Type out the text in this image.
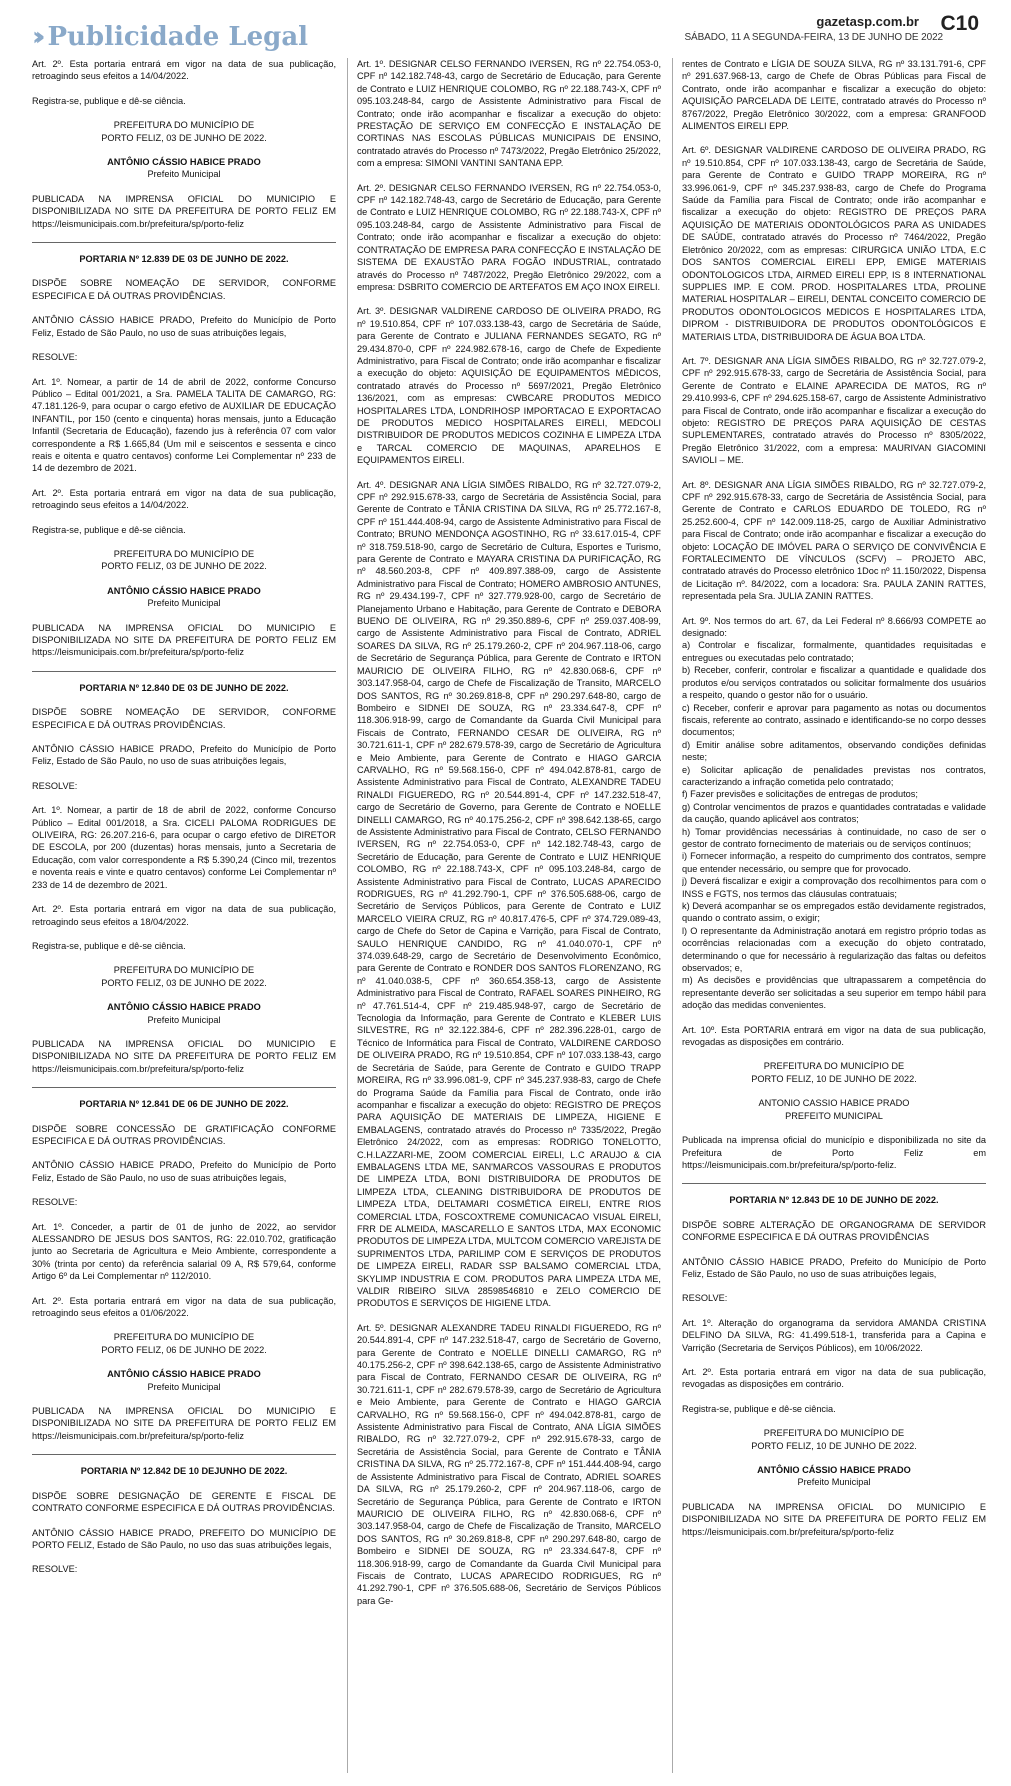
›› Publicidade Legal
gazetasp.com.br
SÁBADO, 11 A SEGUNDA-FEIRA, 13 DE JUNHO DE 2022
C10

Art. 2º. Esta portaria entrará em vigor na data de sua publicação, retroagindo seus efeitos a 14/04/2022.

Registra-se, publique e dê-se ciência.

PREFEITURA DO MUNICÍPIO DE
PORTO FELIZ, 03 DE JUNHO DE 2022.

ANTÔNIO CÁSSIO HABICE PRADO

Prefeito Municipal

PUBLICADA NA IMPRENSA OFICIAL DO MUNICIPIO E DISPONIBILIZADA NO SITE DA PREFEITURA DE PORTO FELIZ EM https://leismunicipais.com.br/prefeitura/sp/porto-feliz

PORTARIA Nº 12.839 DE 03 DE JUNHO DE 2022.

DISPÕE SOBRE NOMEAÇÃO DE SERVIDOR, CONFORME ESPECIFICA E DÁ OUTRAS PROVIDÊNCIAS.

ANTÔNIO CÁSSIO HABICE PRADO, Prefeito do Município de Porto Feliz, Estado de São Paulo, no uso de suas atribuições legais,

RESOLVE:

Art. 1º. Nomear, a partir de 14 de abril de 2022, conforme Concurso Público – Edital 001/2021, a Sra. PAMELA TALITA DE CAMARGO, RG: 47.181.126-9, para ocupar o cargo efetivo de AUXILIAR DE EDUCAÇÃO INFANTIL, por 150 (cento e cinquenta) horas mensais, junto a Educação Infantil (Secretaria de Educação), fazendo jus à referência 07 com valor correspondente a R$ 1.665,84 (Um mil e seiscentos e sessenta e cinco reais e oitenta e quatro centavos) conforme Lei Complementar nº 233 de 14 de dezembro de 2021.

Art. 2º. Esta portaria entrará em vigor na data de sua publicação, retroagindo seus efeitos a 14/04/2022.

Registra-se, publique e dê-se ciência.

PREFEITURA DO MUNICÍPIO DE
PORTO FELIZ, 03 DE JUNHO DE 2022.

ANTÔNIO CÁSSIO HABICE PRADO

Prefeito Municipal

PUBLICADA NA IMPRENSA OFICIAL DO MUNICIPIO E DISPONIBILIZADA NO SITE DA PREFEITURA DE PORTO FELIZ EM https://leismunicipais.com.br/prefeitura/sp/porto-feliz

PORTARIA Nº 12.840 DE 03 DE JUNHO DE 2022.

DISPÕE SOBRE NOMEAÇÃO DE SERVIDOR, CONFORME ESPECIFICA E DÁ OUTRAS PROVIDÊNCIAS.

ANTÔNIO CÁSSIO HABICE PRADO, Prefeito do Município de Porto Feliz, Estado de São Paulo, no uso de suas atribuições legais,

RESOLVE:

Art. 1º. Nomear, a partir de 18 de abril de 2022, conforme Concurso Público – Edital 001/2018, a Sra. CICELI PALOMA RODRIGUES DE OLIVEIRA, RG: 26.207.216-6, para ocupar o cargo efetivo de DIRETOR DE ESCOLA, por 200 (duzentas) horas mensais, junto a Secretaria de Educação, com valor correspondente a R$ 5.390,24 (Cinco mil, trezentos e noventa reais e vinte e quatro centavos) conforme Lei Complementar nº 233 de 14 de dezembro de 2021.

Art. 2º. Esta portaria entrará em vigor na data de sua publicação, retroagindo seus efeitos a 18/04/2022.

Registra-se, publique e dê-se ciência.

PREFEITURA DO MUNICÍPIO DE
PORTO FELIZ, 03 DE JUNHO DE 2022.

ANTÔNIO CÁSSIO HABICE PRADO

Prefeito Municipal

PUBLICADA NA IMPRENSA OFICIAL DO MUNICIPIO E DISPONIBILIZADA NO SITE DA PREFEITURA DE PORTO FELIZ EM https://leismunicipais.com.br/prefeitura/sp/porto-feliz

PORTARIA Nº 12.841 DE 06 DE JUNHO DE 2022.

DISPÕE SOBRE CONCESSÃO DE GRATIFICAÇÃO CONFORME ESPECIFICA E DÁ OUTRAS PROVIDÊNCIAS.

ANTÔNIO CÁSSIO HABICE PRADO, Prefeito do Município de Porto Feliz, Estado de São Paulo, no uso de suas atribuições legais,

RESOLVE:

Art. 1º. Conceder, a partir de 01 de junho de 2022, ao servidor ALESSANDRO DE JESUS DOS SANTOS, RG: 22.010.702, gratificação junto ao Secretaria de Agricultura e Meio Ambiente, correspondente a 30% (trinta por cento) da referência salarial 09 A, R$ 579,64, conforme Artigo 6º da Lei Complementar nº 112/2010.

Art. 2º. Esta portaria entrará em vigor na data de sua publicação, retroagindo seus efeitos a 01/06/2022.

PREFEITURA DO MUNICÍPIO DE
PORTO FELIZ, 06 DE JUNHO DE 2022.

ANTÔNIO CÁSSIO HABICE PRADO

Prefeito Municipal

PUBLICADA NA IMPRENSA OFICIAL DO MUNICIPIO E DISPONIBILIZADA NO SITE DA PREFEITURA DE PORTO FELIZ EM https://leismunicipais.com.br/prefeitura/sp/porto-feliz

PORTARIA Nº 12.842 DE 10 DEJUNHO DE 2022.

DISPÕE SOBRE DESIGNAÇÃO DE GERENTE E FISCAL DE CONTRATO CONFORME ESPECIFICA E DÁ OUTRAS PROVIDÊNCIAS.

ANTÔNIO CÁSSIO HABICE PRADO, PREFEITO DO MUNICÍPIO DE PORTO FELIZ, Estado de São Paulo, no uso das suas atribuições legais,

RESOLVE:

Art. 1º. DESIGNAR CELSO FERNANDO IVERSEN, RG nº 22.754.053-0, CPF nº 142.182.748-43, cargo de Secretário de Educação, para Gerente de Contrato e LUIZ HENRIQUE COLOMBO, RG nº 22.188.743-X, CPF nº 095.103.248-84, cargo de Assistente Administrativo para Fiscal de Contrato; onde irão acompanhar e fiscalizar a execução do objeto: PRESTAÇÃO DE SERVIÇO EM CONFECÇÃO E INSTALAÇÃO DE CORTINAS NAS ESCOLAS PÚBLICAS MUNICIPAIS DE ENSINO, contratado através do Processo nº 7473/2022, Pregão Eletrônico 25/2022, com a empresa: SIMONI VANTINI SANTANA EPP.

Art. 2º. DESIGNAR CELSO FERNANDO IVERSEN, RG nº 22.754.053-0, CPF nº 142.182.748-43, cargo de Secretário de Educação, para Gerente de Contrato e LUIZ HENRIQUE COLOMBO, RG nº 22.188.743-X, CPF nº 095.103.248-84, cargo de Assistente Administrativo para Fiscal de Contrato; onde irão acompanhar e fiscalizar a execução do objeto: CONTRATAÇÃO DE EMPRESA PARA CONFECÇÃO E INSTALAÇÃO DE SISTEMA DE EXAUSTÃO PARA FOGÃO INDUSTRIAL, contratado através do Processo nº 7487/2022, Pregão Eletrônico 29/2022, com a empresa: DSBRITO COMERCIO DE ARTEFATOS EM AÇO INOX EIRELI.

Art. 3º. DESIGNAR VALDIRENE CARDOSO DE OLIVEIRA PRADO, RG nº 19.510.854, CPF nº 107.033.138-43, cargo de Secretária de Saúde, para Gerente de Contrato e JULIANA FERNANDES SEGATO, RG nº 29.434.870-0, CPF nº 224.982.678-16, cargo de Chefe de Expediente Administrativo, para Fiscal de Contrato; onde irão acompanhar e fiscalizar a execução do objeto: AQUISIÇÃO DE EQUIPAMENTOS MÉDICOS, contratado através do Processo nº 5697/2021, Pregão Eletrônico 136/2021, com as empresas: CWBCARE PRODUTOS MEDICO HOSPITALARES LTDA, LONDRIHOSP IMPORTACAO E EXPORTACAO DE PRODUTOS MEDICO HOSPITALARES EIRELI, MEDCOLI DISTRIBUIDOR DE PRODUTOS MEDICOS COZINHA E LIMPEZA LTDA e TARCAL COMERCIO DE MAQUINAS, APARELHOS E EQUIPAMENTOS EIRELI.

Art. 4º. DESIGNAR ANA LÍGIA SIMÕES RIBALDO, RG nº 32.727.079-2, CPF nº 292.915.678-33, cargo de Secretária de Assistência Social, para Gerente de Contrato e TÂNIA CRISTINA DA SILVA, RG nº 25.772.167-8, CPF nº 151.444.408-94, cargo de Assistente Administrativo para Fiscal de Contrato; BRUNO MENDONÇA AGOSTINHO, RG nº 33.617.015-4, CPF nº 318.759.518-90, cargo de Secretário de Cultura, Esportes e Turismo, para Gerente de Contrato e MAYARA CRISTINA DA PURIFICAÇÃO, RG nº 48.560.203-8, CPF nº 409.897.388-09, cargo de Assistente Administrativo para Fiscal de Contrato; HOMERO AMBROSIO ANTUNES, RG nº 29.434.199-7, CPF nº 327.779.928-00, cargo de Secretário de Planejamento Urbano e Habitação, para Gerente de Contrato e DEBORA BUENO DE OLIVEIRA, RG nº 29.350.889-6, CPF nº 259.037.408-99, cargo de Assistente Administrativo para Fiscal de Contrato, ADRIEL SOARES DA SILVA, RG nº 25.179.260-2, CPF nº 204.967.118-06, cargo de Secretário de Segurança Pública, para Gerente de Contrato e IRTON MAURICIO DE OLIVEIRA FILHO, RG nº 42.830.068-6, CPF nº 303.147.958-04, cargo de Chefe de Fiscalização de Transito, MARCELO DOS SANTOS, RG nº 30.269.818-8, CPF nº 290.297.648-80, cargo de Bombeiro e SIDNEI DE SOUZA, RG nº 23.334.647-8, CPF nº 118.306.918-99, cargo de Comandante da Guarda Civil Municipal para Fiscais de Contrato, FERNANDO CESAR DE OLIVEIRA, RG nº 30.721.611-1, CPF nº 282.679.578-39, cargo de Secretário de Agricultura e Meio Ambiente, para Gerente de Contrato e HIAGO GARCIA CARVALHO, RG nº 59.568.156-0, CPF nº 494.042.878-81, cargo de Assistente Administrativo para Fiscal de Contrato, ALEXANDRE TADEU RINALDI FIGUEREDO, RG nº 20.544.891-4, CPF nº 147.232.518-47, cargo de Secretário de Governo, para Gerente de Contrato e NOELLE DINELLI CAMARGO, RG nº 40.175.256-2, CPF nº 398.642.138-65, cargo de Assistente Administrativo para Fiscal de Contrato, CELSO FERNANDO IVERSEN, RG nº 22.754.053-0, CPF nº 142.182.748-43, cargo de Secretário de Educação, para Gerente de Contrato e LUIZ HENRIQUE COLOMBO, RG nº 22.188.743-X, CPF nº 095.103.248-84, cargo de Assistente Administrativo para Fiscal de Contrato, LUCAS APARECIDO RODRIGUES, RG nº 41.292.790-1, CPF nº 376.505.688-06, cargo de Secretário de Serviços Públicos, para Gerente de Contrato e LUIZ MARCELO VIEIRA CRUZ, RG nº 40.817.476-5, CPF nº 374.729.089-43, cargo de Chefe do Setor de Capina e Varrição, para Fiscal de Contrato, SAULO HENRIQUE CANDIDO, RG nº 41.040.070-1, CPF nº 374.039.648-29, cargo de Secretário de Desenvolvimento Econômico, para Gerente de Contrato e RONDER DOS SANTOS FLORENZANO, RG nº 41.040.038-5, CPF nº 360.654.358-13, cargo de Assistente Administrativo para Fiscal de Contrato, RAFAEL SOARES PINHEIRO, RG nº 47.761.514-4, CPF nº 219.485.948-97, cargo de Secretário de Tecnologia da Informação, para Gerente de Contrato e KLEBER LUIS SILVESTRE, RG nº 32.122.384-6, CPF nº 282.396.228-01, cargo de Técnico de Informática para Fiscal de Contrato, VALDIRENE CARDOSO DE OLIVEIRA PRADO, RG nº 19.510.854, CPF nº 107.033.138-43, cargo de Secretária de Saúde, para Gerente de Contrato e GUIDO TRAPP MOREIRA, RG nº 33.996.081-9, CPF nº 345.237.938-83, cargo de Chefe do Programa Saúde da Família para Fiscal de Contrato, onde irão acompanhar e fiscalizar a execução do objeto: REGISTRO DE PREÇOS PARA AQUISIÇÃO DE MATERIAIS DE LIMPEZA, HIGIENE E EMBALAGENS, contratado através do Processo nº 7335/2022, Pregão Eletrônico 24/2022, com as empresas: RODRIGO TONELOTTO, C.H.LAZZARI-ME, ZOOM COMERCIAL EIRELI, L.C ARAUJO & CIA EMBALAGENS LTDA ME, SAN'MARCOS VASSOURAS E PRODUTOS DE LIMPEZA LTDA, BONI DISTRIBUIDORA DE PRODUTOS DE LIMPEZA LTDA, CLEANING DISTRIBUIDORA DE PRODUTOS DE LIMPEZA LTDA, DELTAMARI COSMÉTICA EIRELI, ENTRE RIOS COMERCIAL LTDA, FOSCOXTREME COMUNICACAO VISUAL EIRELI, FRR DE ALMEIDA, MASCARELLO E SANTOS LTDA, MAX ECONOMIC PRODUTOS DE LIMPEZA LTDA, MULTCOM COMERCIO VAREJISTA DE SUPRIMENTOS LTDA, PARILIMP COM E SERVIÇOS DE PRODUTOS DE LIMPEZA EIRELI, RADAR SSP BALSAMO COMERCIAL LTDA, SKYLIMP INDUSTRIA E COM. PRODUTOS PARA LIMPEZA LTDA ME, VALDIR RIBEIRO SILVA 28598546810 e ZELO COMERCIO DE PRODUTOS E SERVIÇOS DE HIGIENE LTDA.

Art. 5º. DESIGNAR ALEXANDRE TADEU RINALDI FIGUEREDO, RG nº 20.544.891-4, CPF nº 147.232.518-47, cargo de Secretário de Governo, para Gerente de Contrato e NOELLE DINELLI CAMARGO, RG nº 40.175.256-2, CPF nº 398.642.138-65, cargo de Assistente Administrativo para Fiscal de Contrato, FERNANDO CESAR DE OLIVEIRA, RG nº 30.721.611-1, CPF nº 282.679.578-39, cargo de Secretário de Agricultura e Meio Ambiente, para Gerente de Contrato e HIAGO GARCIA CARVALHO, RG nº 59.568.156-0, CPF nº 494.042.878-81, cargo de Assistente Administrativo para Fiscal de Contrato, ANA LÍGIA SIMÕES RIBALDO, RG nº 32.727.079-2, CPF nº 292.915.678-33, cargo de Secretária de Assistência Social, para Gerente de Contrato e TÂNIA CRISTINA DA SILVA, RG nº 25.772.167-8, CPF nº 151.444.408-94, cargo de Assistente Administrativo para Fiscal de Contrato, ADRIEL SOARES DA SILVA, RG nº 25.179.260-2, CPF nº 204.967.118-06, cargo de Secretário de Segurança Pública, para Gerente de Contrato e IRTON MAURICIO DE OLIVEIRA FILHO, RG nº 42.830.068-6, CPF nº 303.147.958-04, cargo de Chefe de Fiscalização de Transito, MARCELO DOS SANTOS, RG nº 30.269.818-8, CPF nº 290.297.648-80, cargo de Bombeiro e SIDNEI DE SOUZA, RG nº 23.334.647-8, CPF nº 118.306.918-99, cargo de Comandante da Guarda Civil Municipal para Fiscais de Contrato, LUCAS APARECIDO RODRIGUES, RG nº 41.292.790-1, CPF nº 376.505.688-06, Secretário de Serviços Públicos para Ge-

rentes de Contrato e LÍGIA DE SOUZA SILVA, RG nº 33.131.791-6, CPF nº 291.637.968-13, cargo de Chefe de Obras Públicas para Fiscal de Contrato, onde irão acompanhar e fiscalizar a execução do objeto: AQUISIÇÃO PARCELADA DE LEITE, contratado através do Processo nº 8767/2022, Pregão Eletrônico 30/2022, com a empresa: GRANFOOD ALIMENTOS EIRELI EPP.

Art. 6º. DESIGNAR VALDIRENE CARDOSO DE OLIVEIRA PRADO, RG nº 19.510.854, CPF nº 107.033.138-43, cargo de Secretária de Saúde, para Gerente de Contrato e GUIDO TRAPP MOREIRA, RG nº 33.996.061-9, CPF nº 345.237.938-83, cargo de Chefe do Programa Saúde da Família para Fiscal de Contrato; onde irão acompanhar e fiscalizar a execução do objeto: REGISTRO DE PREÇOS PARA AQUISIÇÃO DE MATERIAIS ODONTOLÓGICOS PARA AS UNIDADES DE SAÚDE, contratado através do Processo nº 7464/2022, Pregão Eletrônico 20/2022, com as empresas: CIRURGICA UNIÃO LTDA, E.C DOS SANTOS COMERCIAL EIRELI EPP, EMIGE MATERIAIS ODONTOLOGICOS LTDA, AIRMED EIRELI EPP, IS 8 INTERNATIONAL SUPPLIES IMP. E COM. PROD. HOSPITALARES LTDA, PROLINE MATERIAL HOSPITALAR – EIRELI, DENTAL CONCEITO COMERCIO DE PRODUTOS ODONTOLOGICOS MEDICOS E HOSPITALARES LTDA, DIPROM - DISTRIBUIDORA DE PRODUTOS ODONTOLÓGICOS E MATERIAIS LTDA, DISTRIBUIDORA DE ÁGUA BOA LTDA.

Art. 7º. DESIGNAR ANA LÍGIA SIMÕES RIBALDO, RG nº 32.727.079-2, CPF nº 292.915.678-33, cargo de Secretária de Assistência Social, para Gerente de Contrato e ELAINE APARECIDA DE MATOS, RG nº 29.410.993-6, CPF nº 294.625.158-67, cargo de Assistente Administrativo para Fiscal de Contrato, onde irão acompanhar e fiscalizar a execução do objeto: REGISTRO DE PREÇOS PARA AQUISIÇÃO DE CESTAS SUPLEMENTARES, contratado através do Processo nº 8305/2022, Pregão Eletrônico 31/2022, com a empresa: MAURIVAN GIACOMINI SAVIOLI – ME.

Art. 8º. DESIGNAR ANA LÍGIA SIMÕES RIBALDO, RG nº 32.727.079-2, CPF nº 292.915.678-33, cargo de Secretária de Assistência Social, para Gerente de Contrato e CARLOS EDUARDO DE TOLEDO, RG nº 25.252.600-4, CPF nº 142.009.118-25, cargo de Auxiliar Administrativo para Fiscal de Contrato; onde irão acompanhar e fiscalizar a execução do objeto: LOCAÇÃO DE IMÓVEL PARA O SERVIÇO DE CONVIVÊNCIA E FORTALECIMENTO DE VÍNCULOS (SCFV) – PROJETO ABC, contratado através do Processo eletrônico 1Doc nº 11.150/2022, Dispensa de Licitação nº. 84/2022, com a locadora: Sra. PAULA ZANIN RATTES, representada pela Sra. JULIA ZANIN RATTES.

Art. 9º. Nos termos do art. 67, da Lei Federal nº 8.666/93 COMPETE ao designado:
a) Controlar e fiscalizar, formalmente, quantidades requisitadas e entregues ou executadas pelo contratado;
b) Receber, conferir, controlar e fiscalizar a quantidade e qualidade dos produtos e/ou serviços contratados ou solicitar formalmente dos usuários a respeito, quando o gestor não for o usuário.
c) Receber, conferir e aprovar para pagamento as notas ou documentos fiscais, referente ao contrato, assinado e identificando-se no corpo desses documentos;
d) Emitir análise sobre aditamentos, observando condições definidas neste;
e) Solicitar aplicação de penalidades previstas nos contratos, caracterizando a infração cometida pelo contratado;
f) Fazer previsões e solicitações de entregas de produtos;
g) Controlar vencimentos de prazos e quantidades contratadas e validade da caução, quando aplicável aos contratos;
h) Tomar providências necessárias à continuidade, no caso de ser o gestor de contrato fornecimento de materiais ou de serviços contínuos;
i) Fornecer informação, a respeito do cumprimento dos contratos, sempre que entender necessário, ou sempre que for provocado.
j) Deverá fiscalizar e exigir a comprovação dos recolhimentos para com o INSS e FGTS, nos termos das cláusulas contratuais;
k) Deverá acompanhar se os empregados estão devidamente registrados, quando o contrato assim, o exigir;
l) O representante da Administração anotará em registro próprio todas as ocorrências relacionadas com a execução do objeto contratado, determinando o que for necessário à regularização das faltas ou defeitos observados; e,
m) As decisões e providências que ultrapassarem a competência do representante deverão ser solicitadas a seu superior em tempo hábil para adoção das medidas convenientes.

Art. 10º. Esta PORTARIA entrará em vigor na data de sua publicação, revogadas as disposições em contrário.

PREFEITURA DO MUNICÍPIO DE
PORTO FELIZ, 10 DE JUNHO DE 2022.

ANTONIO CASSIO HABICE PRADO
PREFEITO MUNICIPAL

Publicada na imprensa oficial do município e disponibilizada no site da Prefeitura de Porto Feliz em https://leismunicipais.com.br/prefeitura/sp/porto-feliz.

PORTARIA Nº 12.843 DE 10 DE JUNHO DE 2022.

DISPÕE SOBRE ALTERAÇÃO DE ORGANOGRAMA DE SERVIDOR CONFORME ESPECIFICA E DÁ OUTRAS PROVIDÊNCIAS

ANTÔNIO CÁSSIO HABICE PRADO, Prefeito do Município de Porto Feliz, Estado de São Paulo, no uso de suas atribuições legais,

RESOLVE:

Art. 1º. Alteração do organograma da servidora AMANDA CRISTINA DELFINO DA SILVA, RG: 41.499.518-1, transferida para a Capina e Varrição (Secretaria de Serviços Públicos), em 10/06/2022.

Art. 2º. Esta portaria entrará em vigor na data de sua publicação, revogadas as disposições em contrário.

Registra-se, publique e dê-se ciência.

PREFEITURA DO MUNICÍPIO DE
PORTO FELIZ, 10 DE JUNHO DE 2022.

ANTÔNIO CÁSSIO HABICE PRADO

Prefeito Municipal

PUBLICADA NA IMPRENSA OFICIAL DO MUNICIPIO E DISPONIBILIZADA NO SITE DA PREFEITURA DE PORTO FELIZ EM https://leismunicipais.com.br/prefeitura/sp/porto-feliz
